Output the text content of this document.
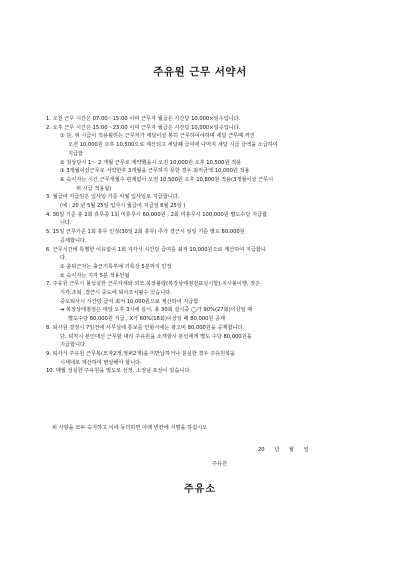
주유원 근무 서약서
1. 오전 근무 시간은 07:00～15:00 이며 근무자 월급은 시간당 10,000×일수입니다.
2. 오후 근무 시간은 15:00～23:00 이며 근무자 월급은 시간당 10,000×일수입니다.
① 단, 위 시급이 적용될려는 근무자가 세달이상 봉히 근무하여야하며 세달 근무때 까진
오전 10,000원 오후 10,500으로 계산되고 세달째 급여에 나머지 세달 시급 금액을 소급하여
지급함
② 첫상당시 1～ 2 개월 근무로 계약했을시 오전 10,000원 오후 10,500원 적용
③ 3개월이상근무로 서약한후 3개월을 근무하지 못한 경우 최저금액 10,000원 적용
④ 숙식자는 시간,근무개월수 관계없이 오전 10,500원 오후 10,800원 적용(3개월이상 근무시
위 시급 적용됨)
3. 월급여 지급일은 입사일 기준 익월 입사일로 지급합니다.
(예 : 20 년 5월 25일 입사시 월급여 지급일 6월 25일 )
4. 30일 기준 총 2회 휴무중 1회 미휴무시 60,000원 , 2회 미휴무시 100,000원 별도수당 지급합
니다.
5. 15일 근무기준 1회 휴무 인정(30일 2회 휴무) 추가 결근시 일일 기준 별도 80,000원
공제합니다.
6. 근무시간에 특별한 이유없이 1회 지각시 시간당 급여를 최저 10,000원으로 계산하여 지급합니
다.
① 출퇴근자는 출근기록부에 기록상 5분까지 인정
② 숙식자는 지각 5분 적용안됨
7. 주유원 근무시 불성실한 근무자세와 외모,복장불량(복장상태점검표실시함),지시불이행, 잦은
지각,조퇴 ,결근시 중도에 퇴사조치될수 있습니다.
중도퇴사시 시간당 급여 최저 10,000원으로 계산하여 지급함
➔ 복장상태점검은 매일 오후 3시에 실시, 총 30회 실시중 ◯가 90%(27회)이상일 때
별도수당 80,000원 지급 , X가 60%(18회)이상일 때 80,000원 공제
8. 퇴사원 결정시 7일전에 사무실에 통보를 안할시에는 광고비 80,000원을 공제합니다.
단, 퇴직시 본인대신 근무할 대리 주유원을 소개할시 본인에게 별도 수당 80,000원을
지급합니다.
9. 퇴사시 주유원 근무복(모자2개,점퍼2개)을 미반납하거나 분실한 경우 주유원복을
시세대로 계산하여 변상해야 합니다.
10. 매월 성실한 주유원을 별도로 선정, 소정님 포상이 있습니다.
위 사항을 모두 숙지하고 이에 동의하면 아래 빈칸에 서명을 하십시오
20 년 월 일
주유원
주유소
